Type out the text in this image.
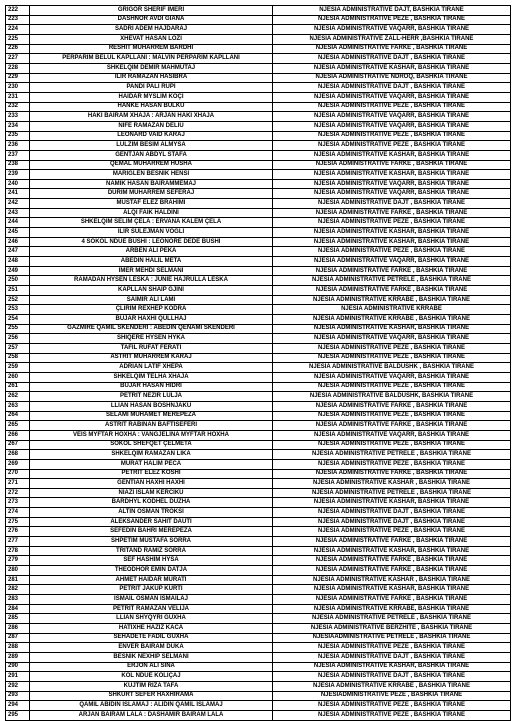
222	GRIGOR SHERIF IMERI	NJESIA ADMINISTRATIVE DAJT, BASHKIA TIRANE
223	DASHNOR AVDI GIANA	NJESIA ADMINISTRATIVE PEZE , BASHKIA TIRANE
224	SADRI ADEM HAJDARAJ	NJESIA ADMINISTRATIVE VAQARR, BASHKIA TIRANE
225	XHEVAT HASAN LOZI	NJESIA ADMINISTRATIVE ZALL-HERR ,BASHKIA TIRANE
226	RESHIT MUHARREM BARDHI	NJESIA ADMINISTRATIVE FARKE , BASHKIA TIRANE
227	PERPARIM BELUL KAPLLANI : MALVIN PERPARIM KAPLLANI	NJESIA ADMINISTRATIVE DAJT , BASHKIA TIRANE
228	SHKELQIM DEMIR MAHMUTAJ	NJESIA ADMINISTRATIVE KASHAR, BASHKIA TIRANE
229	ILIR RAMAZAN HASIBRA	NJESIA ADMINISTRATIVE NDROQ, BASHKIA TIRANE
230	PANDI PALI RUPI	NJESIA ADMINISTRATIVE DAJT , BASHKIA TIRANE
231	HAIDAR MYSLIM KOÇI	NJESIA ADMINISTRATIVE VAQARR, BASHKIA TIRANE
232	HANKE HASAN BULKU	NJESIA ADMINISTRATIVE PEZE , BASHKIA TIRANE
233	HAKI BAIRAM XHAJA : ARJAN HAKI XHAJA	NJESIA ADMINISTRATIVE VAQARR, BASHKIA TIRANE
234	NIFE RAMAZAN DELIU	NJESIA ADMINISTRATIVE VAQARR, BASHKIA TIRANE
235	LEONARD VAID KARAJ	NJESIA ADMINISTRATIVE PEZE , BASHKIA TIRANE
236	LULZIM BESIM ALMYSA	NJESIA ADMINISTRATIVE PEZE , BASHKIA TIRANE
237	GENTJAN ABDYL STAFA	NJESIA ADMINISTRATIVE KASHAR, BASHKIA TIRANE
238	QEMAL MUHARREM HUSHA	NJESIA ADMINISTRATIVE FARKE , BASHKIA TIRANE
239	MARIGLEN BESNIK HENSI	NJESIA ADMINISTRATIVE KASHAR, BASHKIA TIRANE
240	NAMIK HASAN BAIRAMMEMAJ	NJESIA ADMINISTRATIVE VAQARR, BASHKIA TIRANE
241	DURIM MUHARREM SEFERAJ	NJESIA ADMINISTRATIVE VAQARR, BASHKIA TIRANE
242	MUSTAF ELEZ BRAHIMI	NJESIA ADMINISTRATIVE DAJT , BASHKIA TIRANE
243	ALQI FAIK HALDINI	NJESIA ADMINISTRATIVE FARKE , BASHKIA TIRANE
244	SHKELQIM SELIM ÇELA : ERVANA KALEM ÇELA	NJESIA ADMINISTRATIVE PEZE , BASHKIA TIRANE
245	ILIR SULEJMAN VOGLI	NJESIA ADMINISTRATIVE KASHAR, BASHKIA TIRANE
246	4 SOKOL NDUE BUSHI : LEONORE DEDE BUSHI	NJESIA ADMINISTRATIVE KASHAR, BASHKIA TIRANE
247	ARBEN ALI PEKA	NJESIA ADMINISTRATIVE PEZE , BASHKIA TIRANE
248	ABEDIN HALIL META	NJESIA ADMINISTRATIVE VAQARR, BASHKIA TIRANE
249	IMER MEHDI SELMANI	NJESIA ADMINISTRATIVE FARKE , BASHKIA TIRANE
250	RAMADAN HYSEN LESKA : JUNIE HAJRULLA LESKA	NJESIA ADMINISTRATIVE PETRELE , BASHKIA TIRANE
251	KAPLLAN SHAIP GJINI	NJESIA ADMINISTRATIVE FARKE , BASHKIA TIRANE
252	SAIMIR ALI LAMI	NJESIA ADMINISTRATIVE KRRABE , BASHKIA TIRANE
253	ÇLIRIM REXHEP KODRA	NJESIA ADMINISTRATIVE KRRABE
254	BUJAR HAXHI QULLHAJ	NJESIA ADMINISTRATIVE KRRABE , BASHKIA TIRANE
255	GAZMIRE QAMIL SKENDERI : ABEDIN QENAMI SKENDERI	NJESIA ADMINISTRATIVE KASHAR, BASHKIA TIRANE
256	SHIQERE HYSEN HYKA	NJESIA ADMINISTRATIVE VAQARR, BASHKIA TIRANE
257	TAFIL RUFAT FERATI	NJESIA ADMINISTRATIVE PEZE , BASHKIA TIRANE
258	ASTRIT MUHARREM KARAJ	NJESIA ADMINISTRATIVE PEZE , BASHKIA TIRANE
259	ADRIAN LATIF XHEPA	NJESIA ADMINISTRATIVE BALDUSHK , BASHKIA TIRANE
260	SHKELQIM TELHA XHAJA	NJESIA ADMINISTRATIVE VAQARR, BASHKIA TIRANE
261	BUJAR HASAN HIDRI	NJESIA ADMINISTRATIVE PEZE , BASHKIA TIRANE
262	PETRIT NEZIR LULJA	NJESIA ADMINISTRATIVE BALDUSHK, BASHKIA TIRANE
263	LLIAN HASAN BOSHNJAKU	NJESIA ADMINISTRATIVE FARKE , BASHKIA TIRANE
264	SELAMI MUHAMET MEREPEZA	NJESIA ADMINISTRATIVE PEZE , BASHKIA TIRANE
265	ASTRIT RABINAN BAFTISEFERI	NJESIA ADMINISTRATIVE FARKE , BASHKIA TIRANE
266	VEIS MYFTAR HOXHA : VANGJELINA MYFTAR HOXHA	NJESIA ADMINISTRATIVE VAQARR, BASHKIA TIRANE
267	SOKOL SHEFQET ÇELMETA	NJESIA ADMINISTRATIVE PEZE , BASHKIA TIRANE
268	SHKELQIM RAMAZAN LIKA	NJESIA ADMINISTRATIVE PETRELE , BASHKIA TIRANE
269	MURAT HALIM PECA	NJESIA ADMINISTRATIVE PEZE , BASHKIA TIRANE
270	PETRIT ELEZ KOSHI	NJESIA ADMINISTRATIVE FARKE , BASHKIA TIRANE
271	GENTIAN HAXHI HAXHI	NJESIA ADMINISTRATIVE KASHAR , BASHKIA TIRANE
272	NIAZI ISLAM KERCIKU	NJESIA ADMINISTRATIVE PETRELE , BASHKIA TIRANE
273	BARDHYL KODHEL DUZHA	NJESIA ADMINISTRATIVE KASHAR, BASHKIA TIRANE
274	ALTIN OSMAN TROKSI	NJESIA ADMINISTRATIVE DAJT , BASHKIA TIRANE
275	ALEKSANDER SAHIT DAUTI	NJESIA ADMINISTRATIVE DAJT , BASHKIA TIRANE
276	SEFEDIN BAHRI MEREPEZA	NJESIA ADMINISTRATIVE PEZE , BASHKIA TIRANE
277	SHPETIM MUSTAFA SORRA	NJESIA ADMINISTRATIVE FARKE , BASHKIA TIRANE
278	TRITAND RAMIZ SORRA	NJESIA ADMINISTRATIVE KASHAR, BASHKIA TIRANE
279	SEF HASHIM HYSA	NJESIA ADMINISTRATIVE FARKE , BASHKIA TIRANE
280	THEODHOR EMIN DATJA	NJESIA ADMINISTRATIVE FARKE , BASHKIA TIRANE
281	AHMET HAIDAR MURATI	NJESIA ADMINISTRATIVE KASHAR , BASHKIA TIRANE
282	PETRIT JAKUP KURTI	NJESIA ADMINISTRATIVE KASHAR, BASHKIA TIRANE
283	ISMAIL OSMAN ISMAILAJ	NJESIA ADMINISTRATIVE FARKE , BASHKIA TIRANE
284	PETRIT RAMAZAN VELIJA	NJESIA ADMINISTRATIVE KRRABE, BASHKIA TIRANE
285	LLIAN SHYQYRI GUXHA	NJESIA ADMINISTRATIVE PETRELE , BASHKIA TIRANE
286	HATIXHE HAZIZ KACA	NJESIA ADMINISTRATIVE BERZHITE , BASHKIA TIRANE
287	SEHADETE FADIL GUXHA	NJESIAADMINISTRATIVE PETRELE , BASHKIA TIRANE
288	ENVER BAIRAM DUKA	NJESIA ADMINISTRATIVE PEZE , BASHKIA TIRANE
289	BESNIK NEXHIP SELMANI	NJESIA ADMINISTRATIVE DAJT , BASHKIA TIRANE
290	ERJON ALI SINA	NJESIA ADMINISTRATIVE KASHAR, BASHKIA TIRANE
291	KOL NDUE KOLIÇAJ	NJESIA ADMINISTRATIVE DAJT , BASHKIA TIRANE
292	KUJTIM RIZA TAFA	NJESIA ADMINISTRATIVE KRRABE , BASHKIA TIRANE
293	SHKURT SEFER HAXHIRAMA	NJESIADMINISTRATIVE PEZE , BASHKIA TIRANE
294	QAMIL ABIDIN ISLAMAJ : ALIDIN QAMIL ISLAMAJ	NJESIA ADMINISTRATIVE PEZE , BASHKIA TIRANE
295	ARJAN BAIRAM LALA : DASHAMIR BAIRAM LALA	NJESIA ADMINISTRATIVE PEZE , BASHKIA TIRANE
